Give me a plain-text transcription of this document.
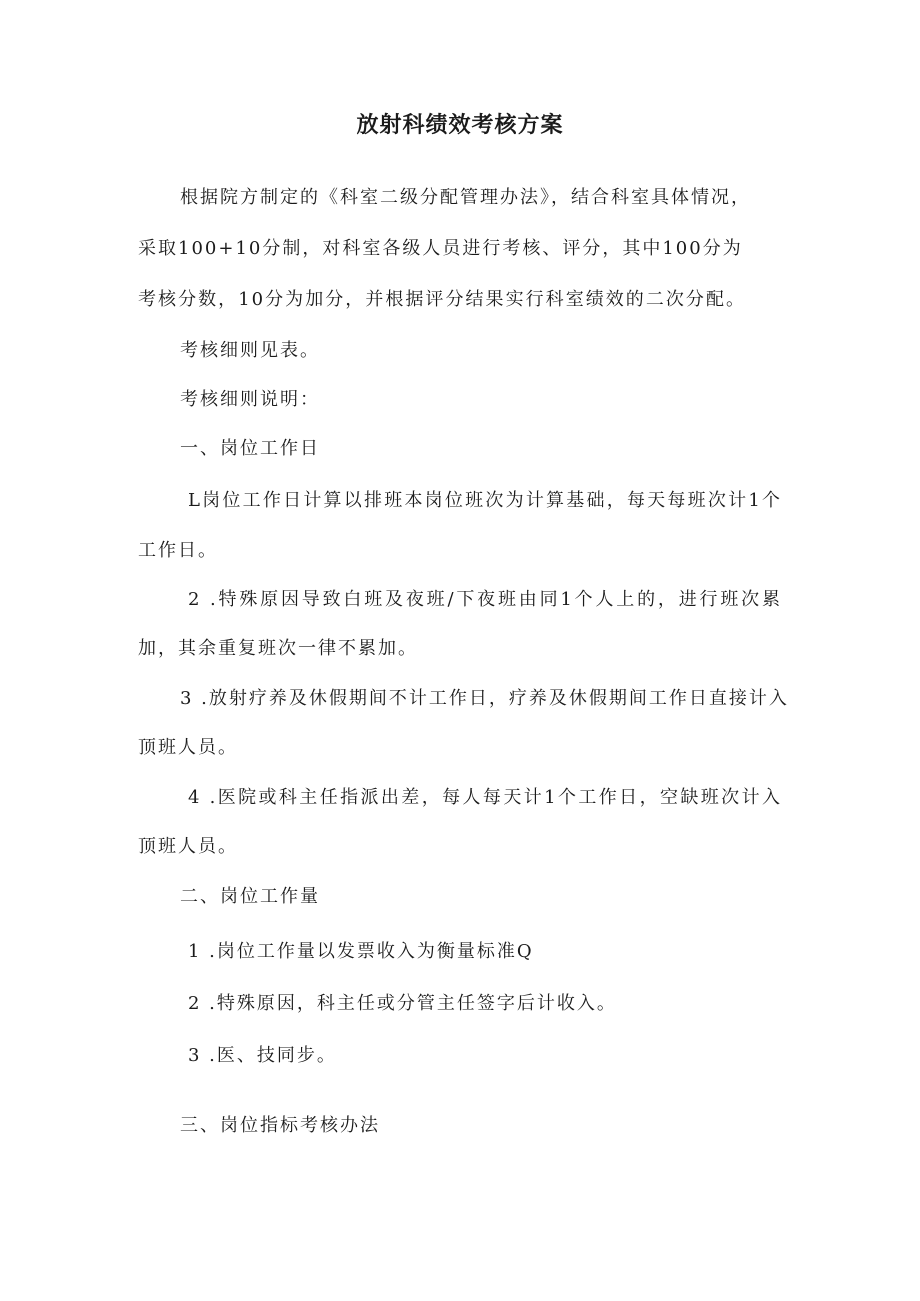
放射科绩效考核方案
根据院方制定的《科室二级分配管理办法》，结合科室具体情况，
采取100+10分制，对科室各级人员进行考核、评分，其中100分为
考核分数，10分为加分，并根据评分结果实行科室绩效的二次分配。
考核细则见表。
考核细则说明：
一、岗位工作日
L岗位工作日计算以排班本岗位班次为计算基础，每天每班次计1个
工作日。
2 .特殊原因导致白班及夜班/下夜班由同1个人上的，进行班次累
加，其余重复班次一律不累加。
3 .放射疗养及休假期间不计工作日，疗养及休假期间工作日直接计入
顶班人员。
4 .医院或科主任指派出差，每人每天计1个工作日，空缺班次计入
顶班人员。
二、岗位工作量
1 .岗位工作量以发票收入为衡量标准Q
2 .特殊原因，科主任或分管主任签字后计收入。
3 .医、技同步。
三、岗位指标考核办法
